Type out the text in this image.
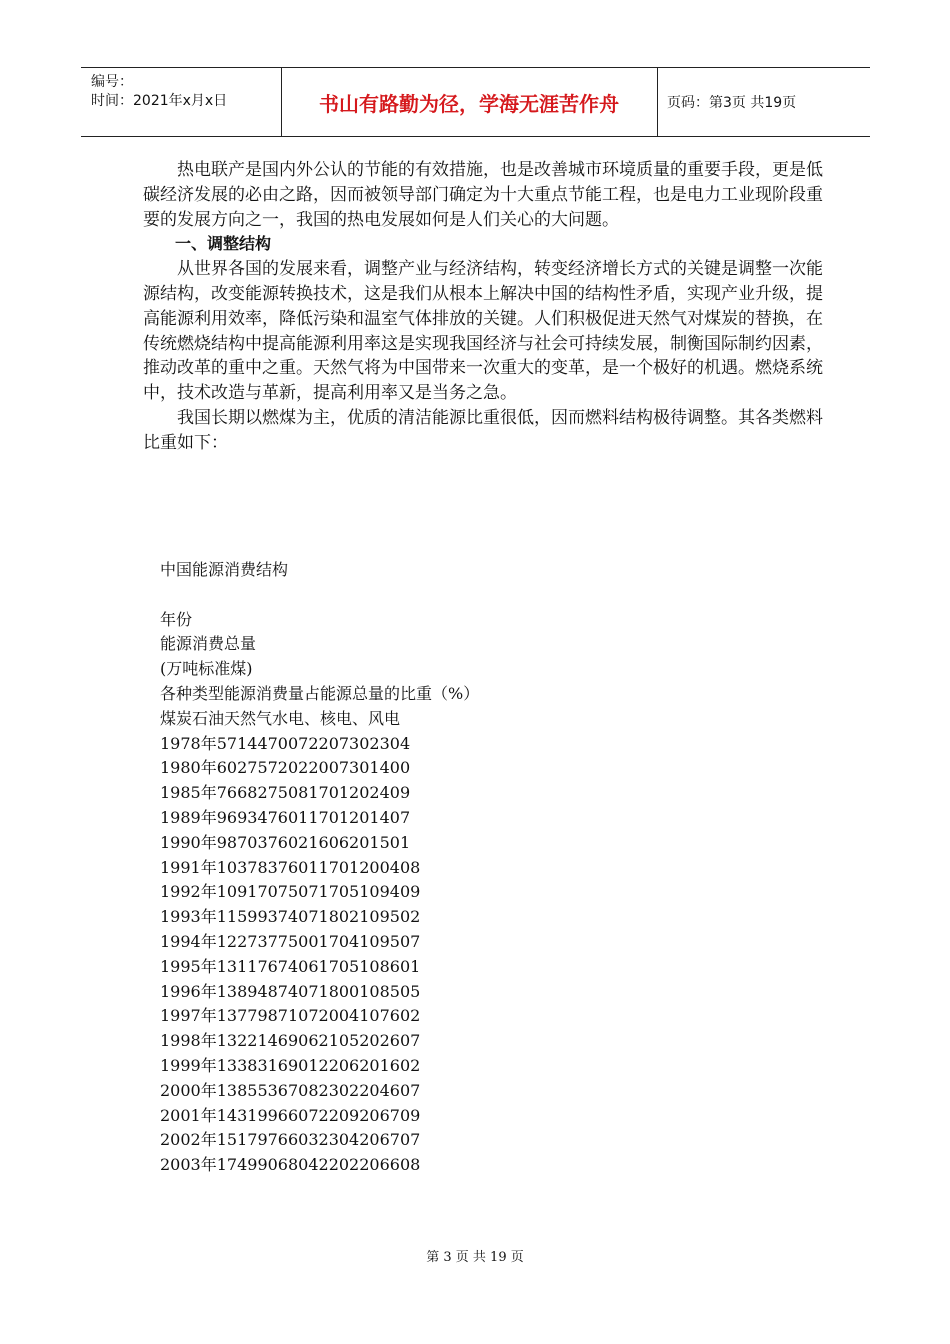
编号：
时间：2021年x月x日	书山有路勤为径，学海无涯苦作舟	页码：第3页 共19页

热电联产是国内外公认的节能的有效措施，也是改善城市环境质量的重要手段，更是低碳经济发展的必由之路，因而被领导部门确定为十大重点节能工程，也是电力工业现阶段重要的发展方向之一，我国的热电发展如何是人们关心的大问题。

一、调整结构

从世界各国的发展来看，调整产业与经济结构，转变经济增长方式的关键是调整一次能源结构，改变能源转换技术，这是我们从根本上解决中国的结构性矛盾，实现产业升级，提高能源利用效率，降低污染和温室气体排放的关键。人们积极促进天然气对煤炭的替换，在传统燃烧结构中提高能源利用率这是实现我国经济与社会可持续发展，制衡国际制约因素，推动改革的重中之重。天然气将为中国带来一次重大的变革，是一个极好的机遇。燃烧系统中，技术改造与革新，提高利用率又是当务之急。

我国长期以燃煤为主，优质的清洁能源比重很低，因而燃料结构极待调整。其各类燃料比重如下：

中国能源消费结构
年份
能源消费总量
(万吨标准煤)
各种类型能源消费量占能源总量的比重（%）
煤炭石油天然气水电、核电、风电
1978年5714470072207302304
1980年6027572022007301400
1985年7668275081701202409
1989年9693476011701201407
1990年9870376021606201501
1991年10378376011701200408
1992年10917075071705109409
1993年11599374071802109502
1994年12273775001704109507
1995年13117674061705108601
1996年13894874071800108505
1997年13779871072004107602
1998年13221469062105202607
1999年13383169012206201602
2000年13855367082302204607
2001年14319966072209206709
2002年15179766032304206707
2003年17499068042202206608
第 3 页 共 19 页
